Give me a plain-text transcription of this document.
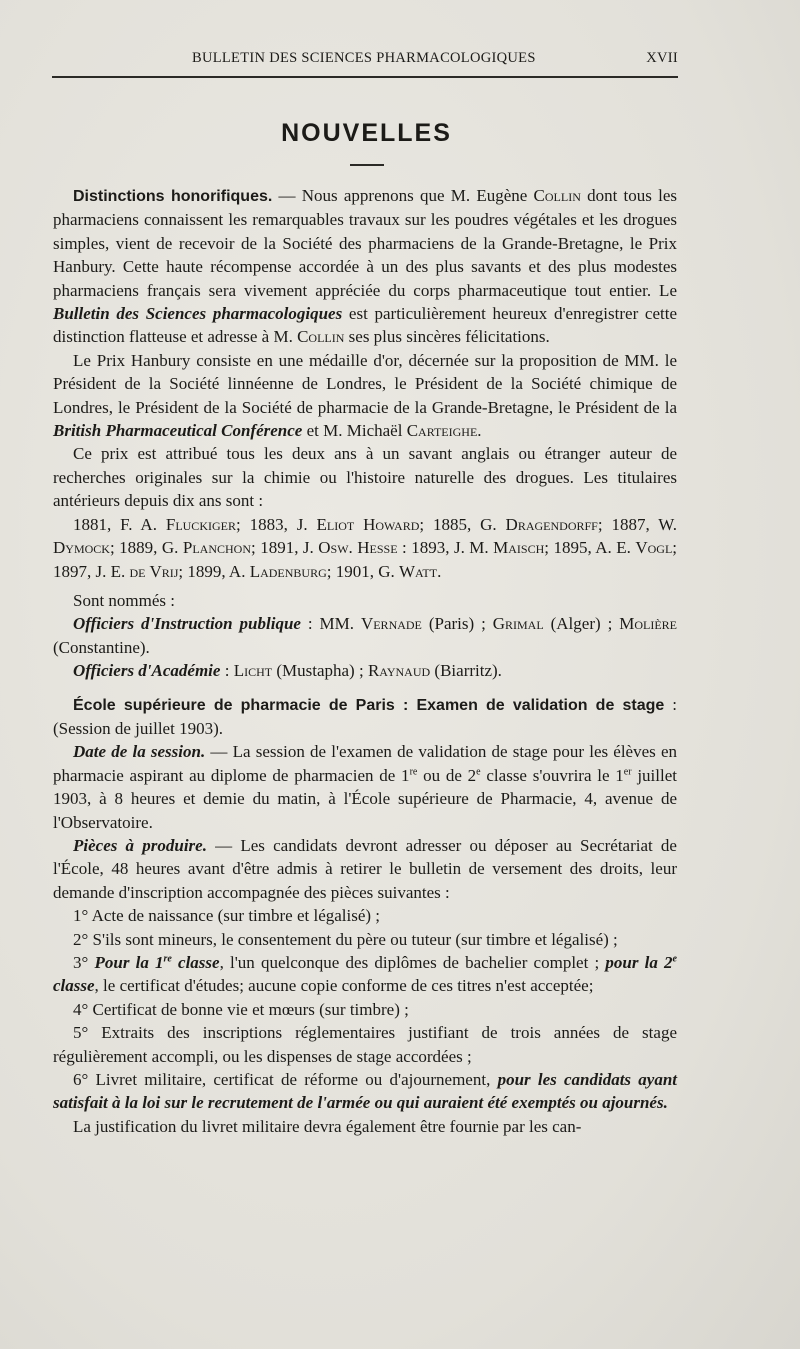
BULLETIN DES SCIENCES PHARMACOLOGIQUES	XVII
NOUVELLES

Distinctions honorifiques. — Nous apprenons que M. Eugène Collin dont tous les pharmaciens connaissent les remarquables travaux sur les poudres végétales et les drogues simples, vient de recevoir de la Société des pharmaciens de la Grande-Bretagne, le Prix Hanbury. Cette haute récompense accordée à un des plus savants et des plus modestes pharmaciens français sera vivement appréciée du corps pharmaceutique tout entier. Le Bulletin des Sciences pharmacologiques est particulièrement heureux d'enregistrer cette distinction flatteuse et adresse à M. Collin ses plus sincères félicitations.

Le Prix Hanbury consiste en une médaille d'or, décernée sur la proposition de MM. le Président de la Société linnéenne de Londres, le Président de la Société chimique de Londres, le Président de la Société de pharmacie de la Grande-Bretagne, le Président de la British Pharmaceutical Conférence et M. Michaël Carteighe.

Ce prix est attribué tous les deux ans à un savant anglais ou étranger auteur de recherches originales sur la chimie ou l'histoire naturelle des drogues. Les titulaires antérieurs depuis dix ans sont :

1881, F. A. Fluckiger; 1883, J. Eliot Howard; 1885, G. Dragendorff; 1887, W. Dymock; 1889, G. Planchon; 1891, J. Osw. Hesse : 1893, J. M. Maisch; 1895, A. E. Vogl; 1897, J. E. de Vrij; 1899, A. Ladenburg; 1901, G. Watt.

Sont nommés :

Officiers d'Instruction publique : MM. Vernade (Paris) ; Grimal (Alger) ; Molière (Constantine).

Officiers d'Académie : Licht (Mustapha) ; Raynaud (Biarritz).

École supérieure de pharmacie de Paris : Examen de validation de stage : (Session de juillet 1903).

Date de la session. — La session de l'examen de validation de stage pour les élèves en pharmacie aspirant au diplome de pharmacien de 1re ou de 2e classe s'ouvrira le 1er juillet 1903, à 8 heures et demie du matin, à l'École supérieure de Pharmacie, 4, avenue de l'Observatoire.

Pièces à produire. — Les candidats devront adresser ou déposer au Secrétariat de l'École, 48 heures avant d'être admis à retirer le bulletin de versement des droits, leur demande d'inscription accompagnée des pièces suivantes :

1° Acte de naissance (sur timbre et légalisé) ;

2° S'ils sont mineurs, le consentement du père ou tuteur (sur timbre et légalisé) ;

3° Pour la 1re classe, l'un quelconque des diplômes de bachelier complet ; pour la 2e classe, le certificat d'études; aucune copie conforme de ces titres n'est acceptée;

4° Certificat de bonne vie et mœurs (sur timbre) ;

5° Extraits des inscriptions réglementaires justifiant de trois années de stage régulièrement accompli, ou les dispenses de stage accordées ;

6° Livret militaire, certificat de réforme ou d'ajournement, pour les candidats ayant satisfait à la loi sur le recrutement de l'armée ou qui auraient été exemptés ou ajournés.

La justification du livret militaire devra également être fournie par les can-
